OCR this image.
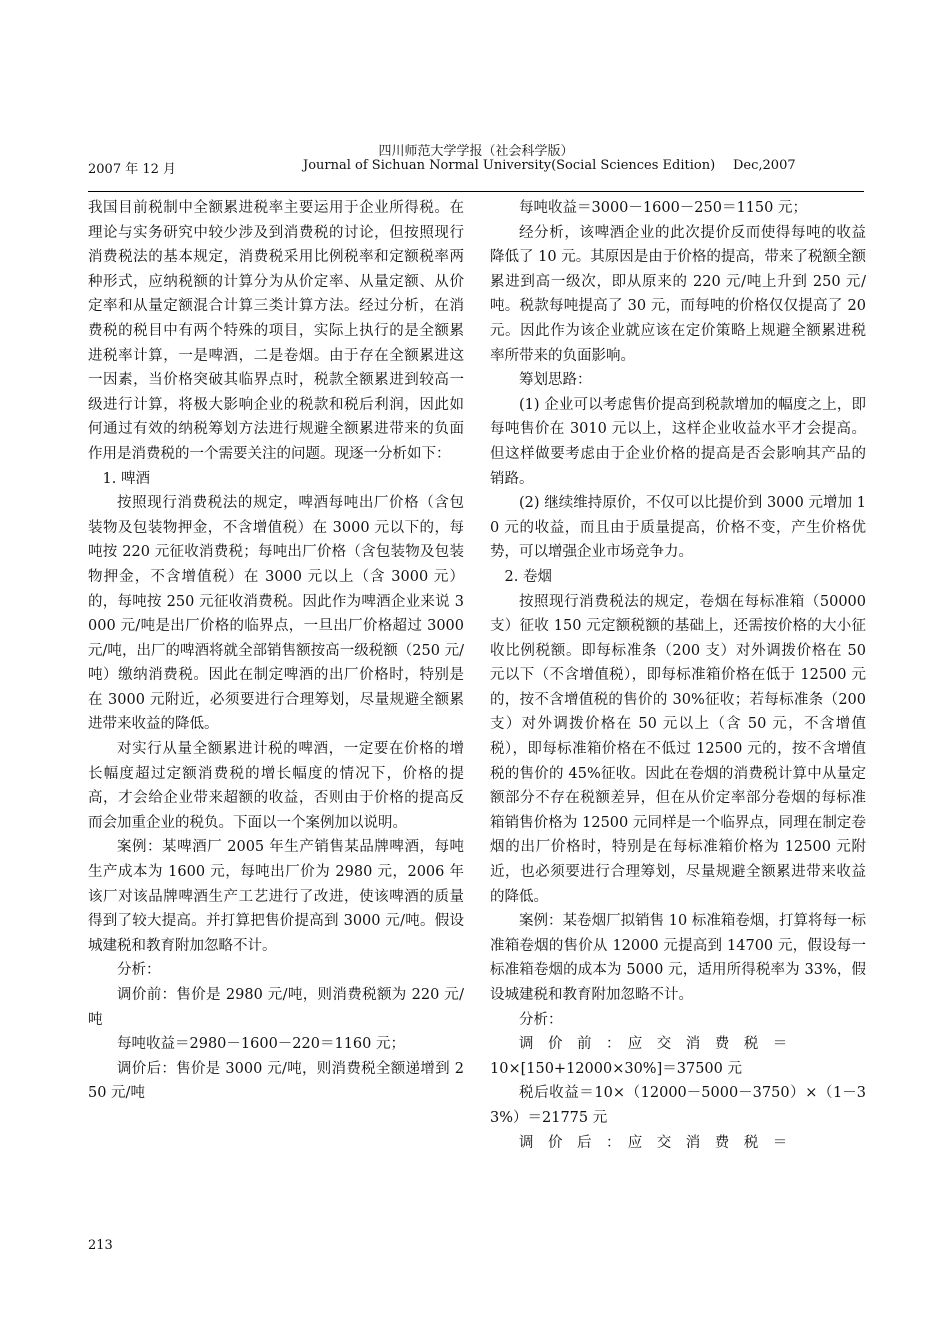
四川师范大学学报（社会科学版）
2007 年 12 月	Journal of Sichuan Normal University(Social Sciences Edition) Dec,2007

我国目前税制中全额累进税率主要运用于企业所得税。在理论与实务研究中较少涉及到消费税的讨论，但按照现行消费税法的基本规定，消费税采用比例税率和定额税率两种形式，应纳税额的计算分为从价定率、从量定额、从价定率和从量定额混合计算三类计算方法。经过分析，在消费税的税目中有两个特殊的项目，实际上执行的是全额累进税率计算，一是啤酒，二是卷烟。由于存在全额累进这一因素，当价格突破其临界点时，税款全额累进到较高一级进行计算，将极大影响企业的税款和税后利润，因此如何通过有效的纳税筹划方法进行规避全额累进带来的负面作用是消费税的一个需要关注的问题。现逐一分析如下：

1. 啤酒

按照现行消费税法的规定，啤酒每吨出厂价格（含包装物及包装物押金，不含增值税）在 3000 元以下的，每吨按 220 元征收消费税；每吨出厂价格（含包装物及包装物押金，不含增值税）在 3000 元以上（含 3000 元）的，每吨按 250 元征收消费税。因此作为啤酒企业来说 3000 元/吨是出厂价格的临界点，一旦出厂价格超过 3000 元/吨，出厂的啤酒将就全部销售额按高一级税额（250 元/吨）缴纳消费税。因此在制定啤酒的出厂价格时，特别是在 3000 元附近，必须要进行合理筹划，尽量规避全额累进带来收益的降低。

对实行从量全额累进计税的啤酒，一定要在价格的增长幅度超过定额消费税的增长幅度的情况下，价格的提高，才会给企业带来超额的收益，否则由于价格的提高反而会加重企业的税负。下面以一个案例加以说明。

案例：某啤酒厂 2005 年生产销售某品牌啤酒，每吨生产成本为 1600 元，每吨出厂价为 2980 元，2006 年该厂对该品牌啤酒生产工艺进行了改进，使该啤酒的质量得到了较大提高。并打算把售价提高到 3000 元/吨。假设城建税和教育附加忽略不计。

分析：

调价前：售价是 2980 元/吨，则消费税额为 220 元/吨

每吨收益＝2980－1600－220＝1160 元；

调价后：售价是 3000 元/吨，则消费税全额递增到 250 元/吨

每吨收益＝3000－1600－250＝1150 元；

经分析，该啤酒企业的此次提价反而使得每吨的收益降低了 10 元。其原因是由于价格的提高，带来了税额全额累进到高一级次，即从原来的 220 元/吨上升到 250 元/吨。税款每吨提高了 30 元，而每吨的价格仅仅提高了 20 元。因此作为该企业就应该在定价策略上规避全额累进税率所带来的负面影响。

筹划思路：

(1) 企业可以考虑售价提高到税款增加的幅度之上，即每吨售价在 3010 元以上，这样企业收益水平才会提高。但这样做要考虑由于企业价格的提高是否会影响其产品的销路。

(2) 继续维持原价，不仅可以比提价到 3000 元增加 10 元的收益，而且由于质量提高，价格不变，产生价格优势，可以增强企业市场竞争力。

2. 卷烟

按照现行消费税法的规定，卷烟在每标准箱（50000 支）征收 150 元定额税额的基础上，还需按价格的大小征收比例税额。即每标准条（200 支）对外调拨价格在 50 元以下（不含增值税），即每标准箱价格在低于 12500 元的，按不含增值税的售价的 30%征收；若每标准条（200 支）对外调拨价格在 50 元以上（含 50 元，不含增值税），即每标准箱价格在不低过 12500 元的，按不含增值税的售价的 45%征收。因此在卷烟的消费税计算中从量定额部分不存在税额差异，但在从价定率部分卷烟的每标准箱销售价格为 12500 元同样是一个临界点，同理在制定卷烟的出厂价格时，特别是在每标准箱价格为 12500 元附近，也必须要进行合理筹划，尽量规避全额累进带来收益的降低。

案例：某卷烟厂拟销售 10 标准箱卷烟，打算将每一标准箱卷烟的售价从 12000 元提高到 14700 元，假设每一标准箱卷烟的成本为 5000 元，适用所得税率为 33%，假设城建税和教育附加忽略不计。

分析：

调　价　前　：　应　交　消　费　税　＝

10×[150+12000×30%]＝37500 元

税后收益＝10×（12000－5000－3750）×（1－33%）＝21775 元

调　价　后　：　应　交　消　费　税　＝

213
